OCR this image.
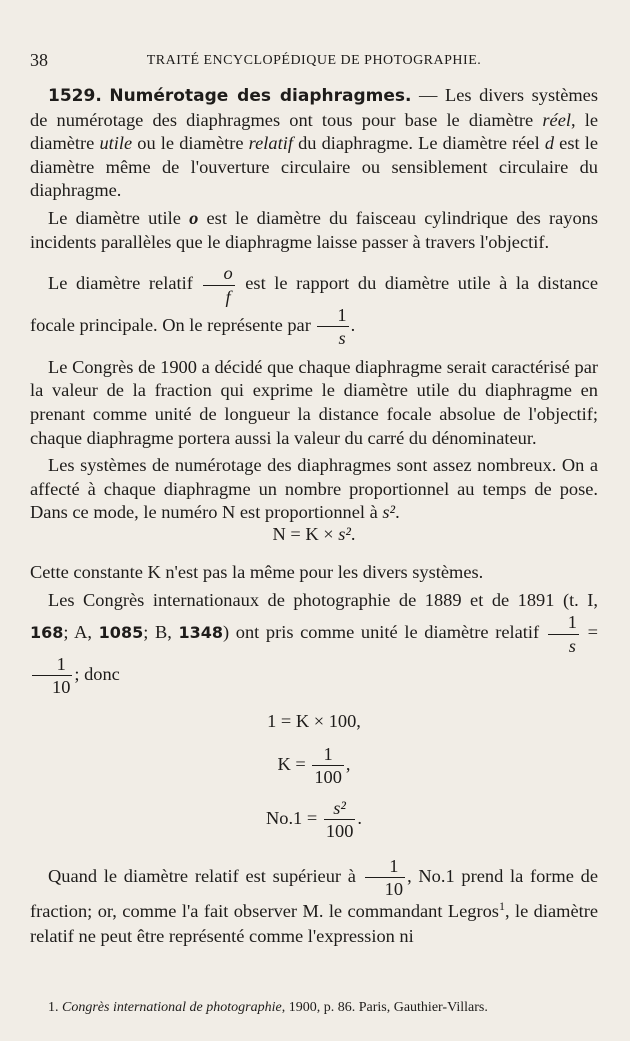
38	TRAITÉ ENCYCLOPÉDIQUE DE PHOTOGRAPHIE.

1529. Numérotage des diaphragmes. — Les divers systèmes de numérotage des diaphragmes ont tous pour base le diamètre réel, le diamètre utile ou le diamètre relatif du diaphragme. Le diamètre réel d est le diamètre même de l'ouverture circulaire ou sensiblement circulaire du diaphragme.

Le diamètre utile o est le diamètre du faisceau cylindrique des rayons incidents parallèles que le diaphragme laisse passer à travers l'objectif.

Le diamètre relatif $\frac{o}{f}$ est le rapport du diamètre utile à la distance focale principale. On le représente par $\frac{1}{s}$ .

Le Congrès de 1900 a décidé que chaque diaphragme serait caractérisé par la valeur de la fraction qui exprime le diamètre utile du diaphragme en prenant comme unité de longueur la distance focale absolue de l'objectif; chaque diaphragme portera aussi la valeur du carré du dénominateur.

Les systèmes de numérotage des diaphragmes sont assez nombreux. On a affecté à chaque diaphragme un nombre proportionnel au temps de pose. Dans ce mode, le numéro N est proportionnel à s².

N = K × s².

Cette constante K n'est pas la même pour les divers systèmes.

Les Congrès internationaux de photographie de 1889 et de 1891 (t. I, 168; A, 1085; B, 1348) ont pris comme unité le diamètre relatif $\frac{1}{s}$ =
$\frac{1}{10}$ ; donc

1 = K × 100,

$K = \frac{1}{100}$ ,

$No.1 = \frac{\text{s²}}{100}$ .

Quand le diamètre relatif est supérieur à $\frac{1}{10}$ , No.1 prend la forme de fraction; or, comme l'a fait observer M. le commandant Legros$^1$, le diamètre relatif ne peut être représenté comme l'expression ni

1. Congrès international de photographie, 1900, p. 86. Paris, Gauthier-Villars.
